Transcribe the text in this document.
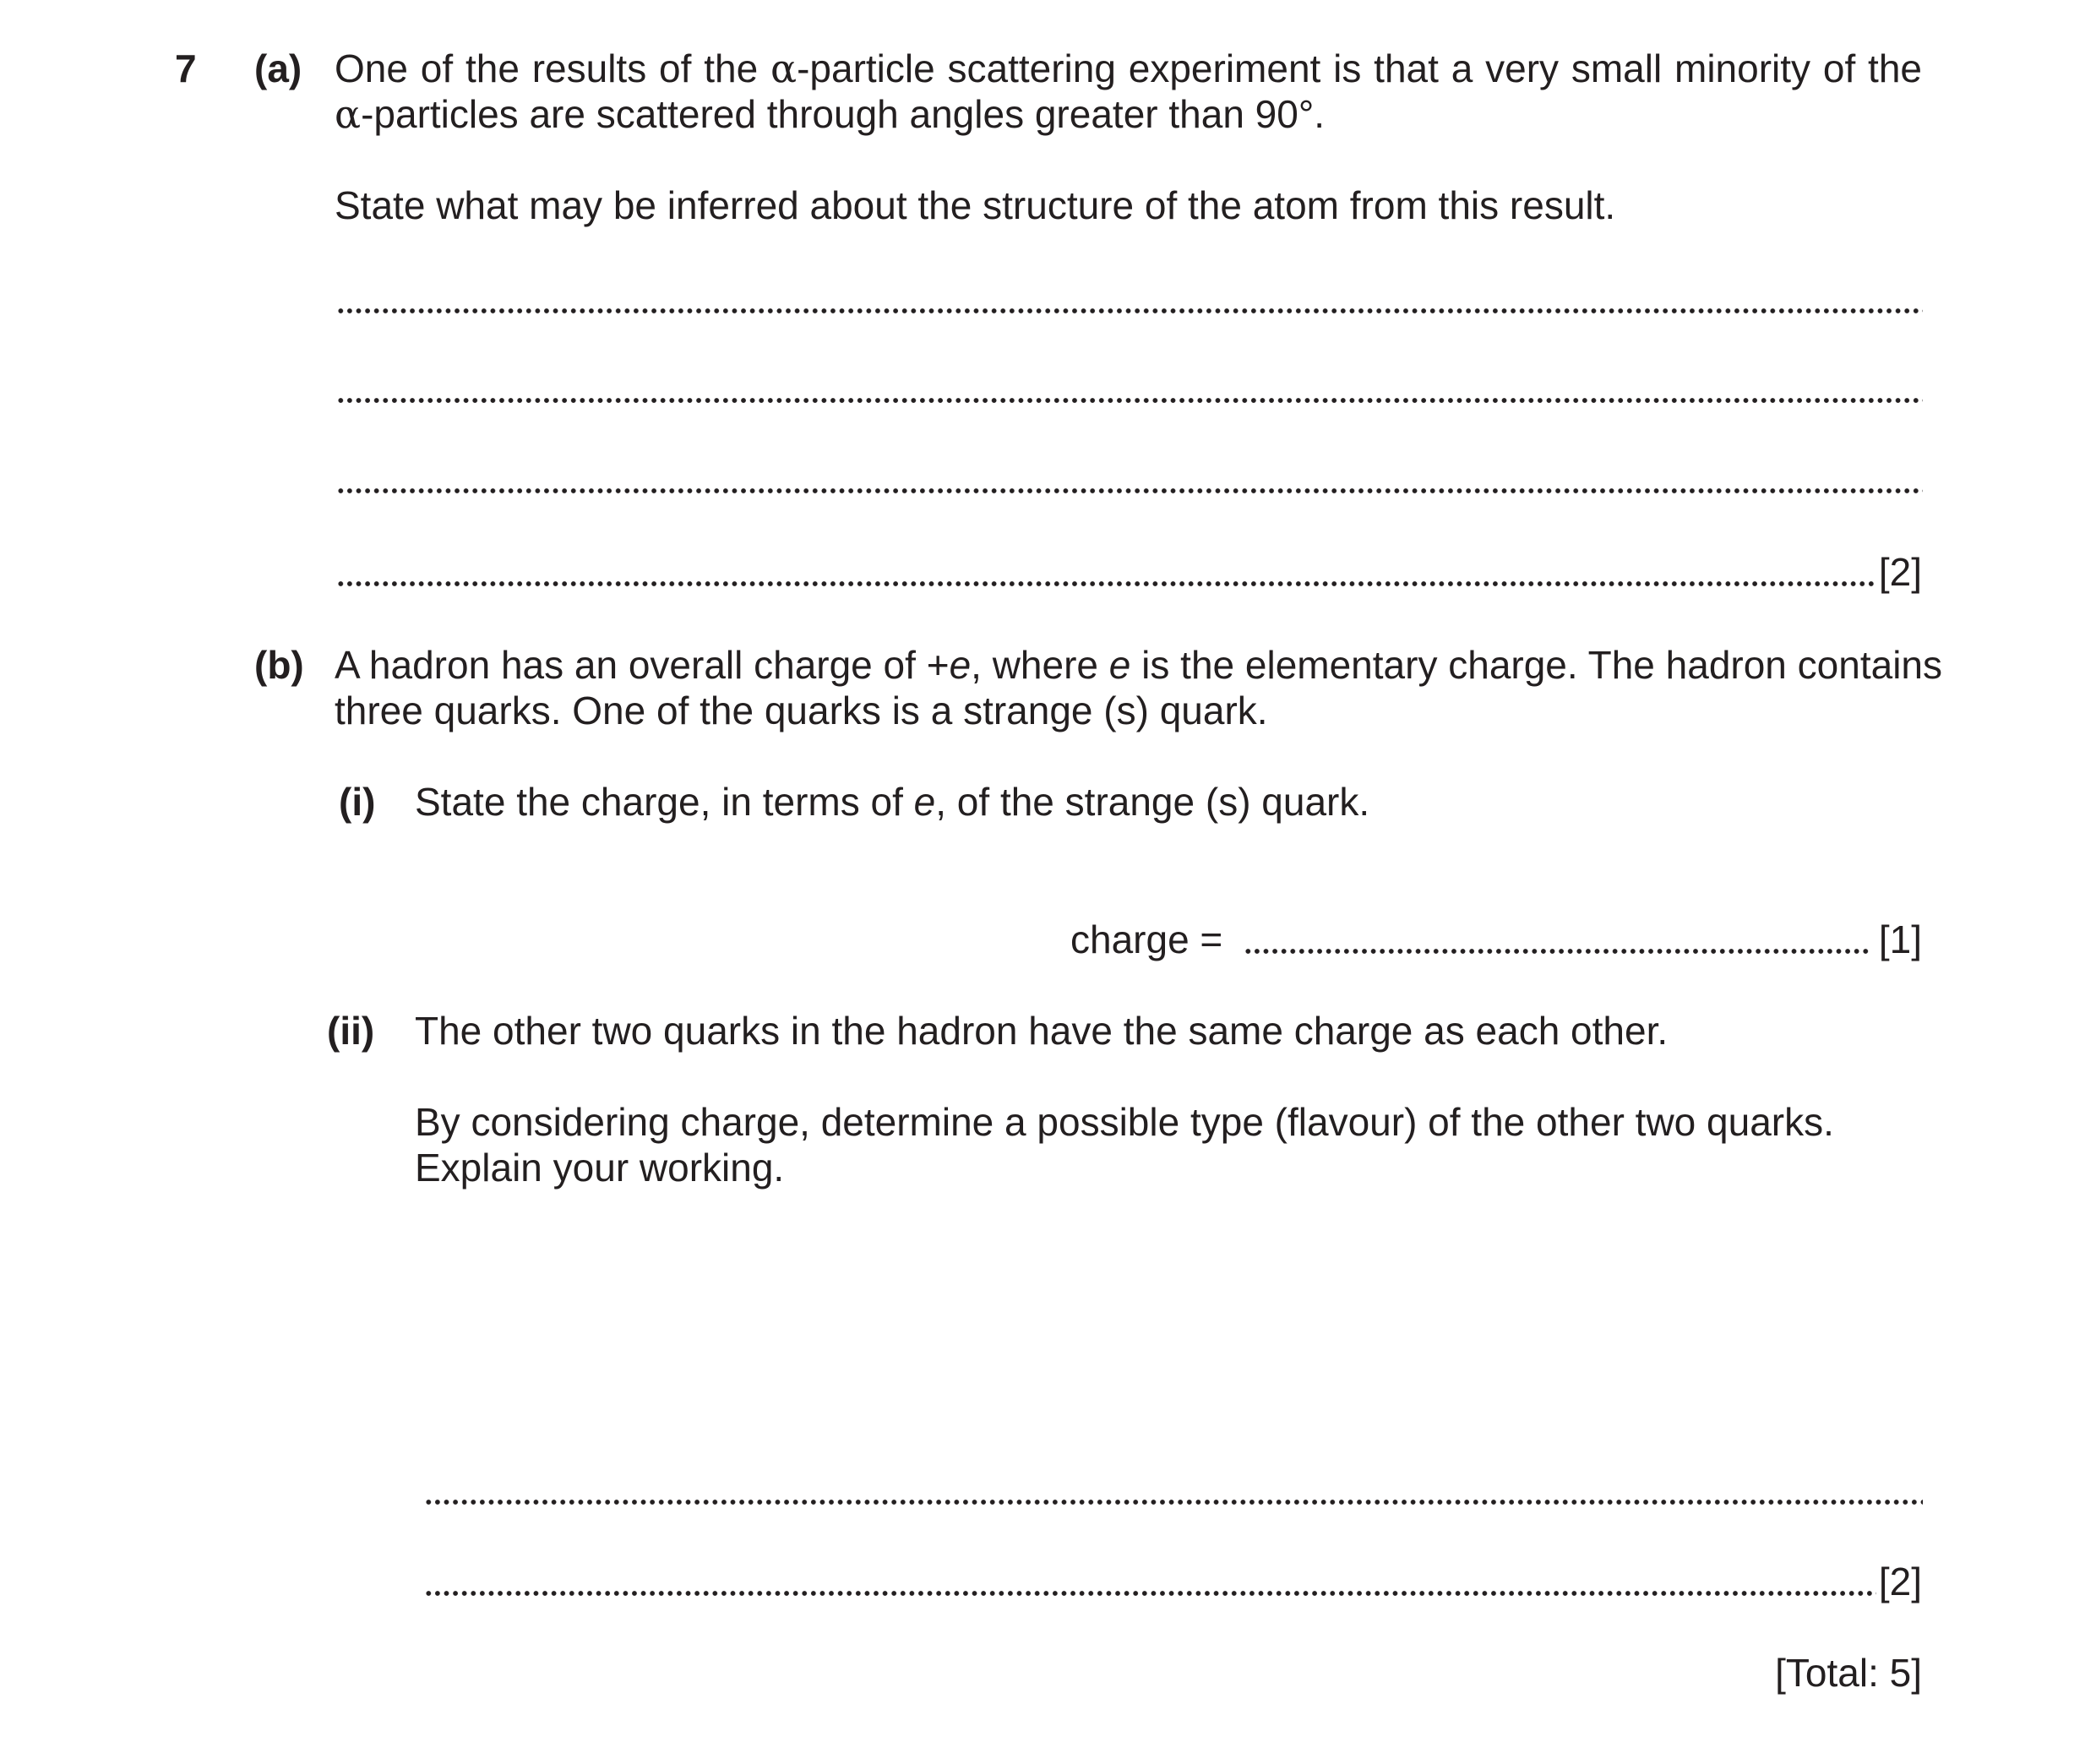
7 (a) One of the results of the α-particle scattering experiment is that a very small minority of the
α-particles are scattered through angles greater than 90°.
State what may be inferred about the structure of the atom from this result.
[2]
(b) A hadron has an overall charge of +e, where e is the elementary charge. The hadron contains
three quarks. One of the quarks is a strange (s) quark.
(i) State the charge, in terms of e, of the strange (s) quark.
charge =	[1]
(ii) The other two quarks in the hadron have the same charge as each other.
By considering charge, determine a possible type (flavour) of the other two quarks.
Explain your working.
[2]
[Total: 5]
